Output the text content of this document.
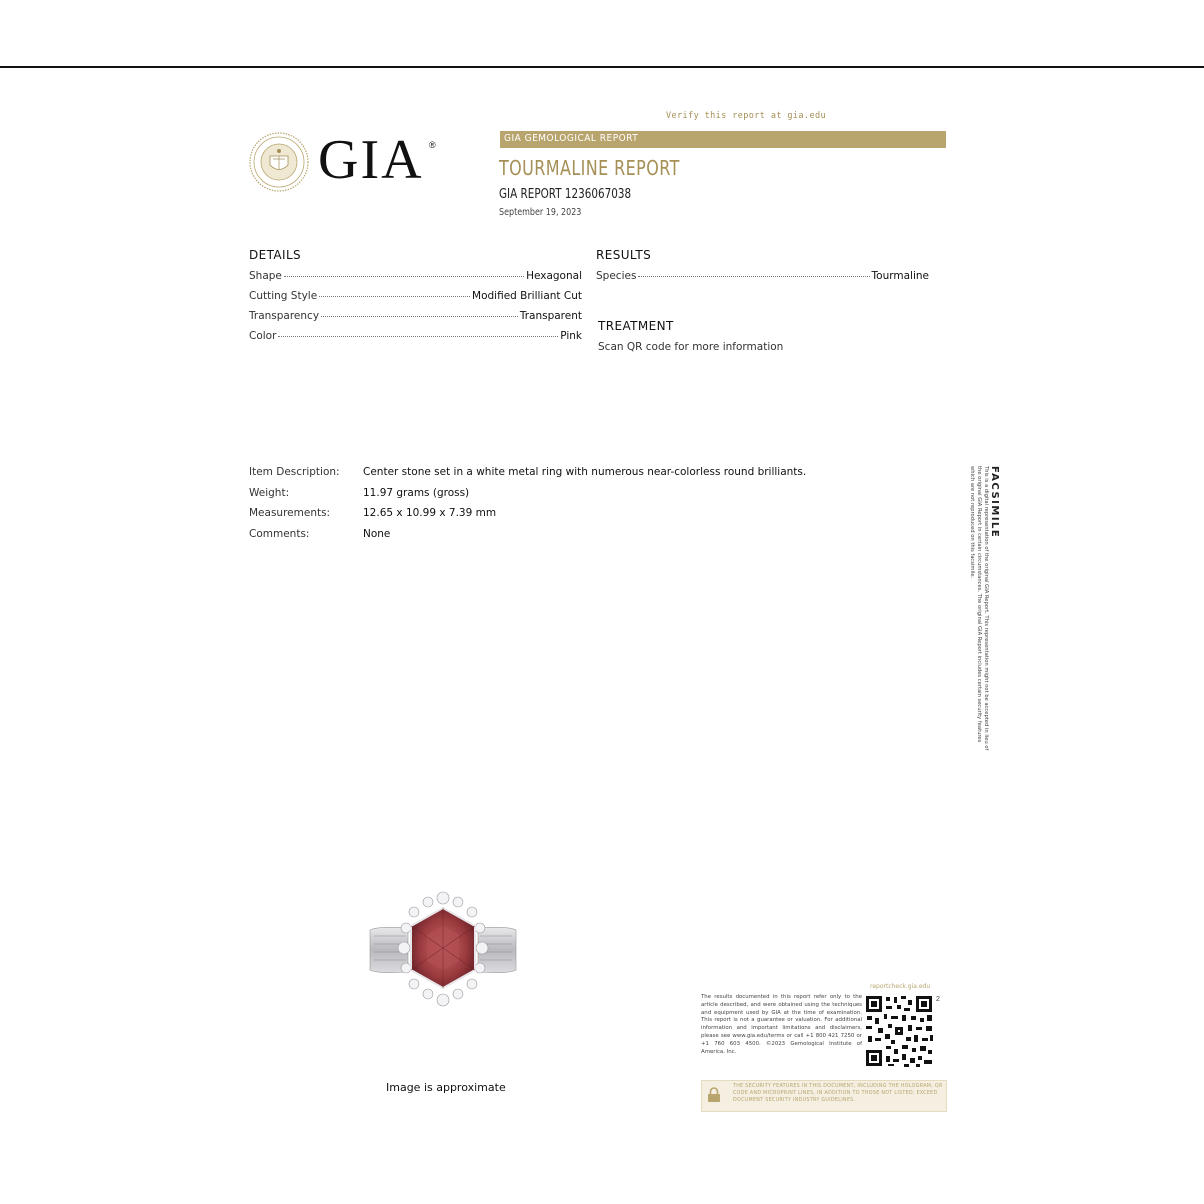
Verify this report at gia.edu
GIA ®
GIA GEMOLOGICAL REPORT
TOURMALINE REPORT
GIA REPORT 1236067038
September 19, 2023
DETAILS
Shape	Hexagonal
Cutting Style	Modified Brilliant Cut
Transparency	Transparent
Color	Pink
RESULTS
Species	Tourmaline
TREATMENT
Scan QR code for more information
Item Description:	Center stone set in a white metal ring with numerous near-colorless round brilliants.
Weight:	11.97 grams (gross)
Measurements:	12.65 x 10.99 x 7.39 mm
Comments:	None	FACSIMILE
This is a digital representation of the original GIA Report. This representation might not be accepted in lieu of the original GIA Report in certain circumstances. The original GIA Report includes certain security features which are not reproduced on this facsimile.
Image is approximate
reportcheck.gia.edu
The results documented in this report refer only to the article described, and were obtained using the techniques and equipment used by GIA at the time of examination. This report is not a guarantee or valuation. For additional information and important limitations and disclaimers, please see www.gia.edu/terms or call +1 800 421 7250 or +1 760 603 4500. ©2023 Gemological Institute of America, Inc.
2
THE SECURITY FEATURES IN THIS DOCUMENT, INCLUDING THE HOLOGRAM, QR CODE AND MICROPRINT LINES, IN ADDITION TO THOSE NOT LISTED, EXCEED DOCUMENT SECURITY INDUSTRY GUIDELINES.
